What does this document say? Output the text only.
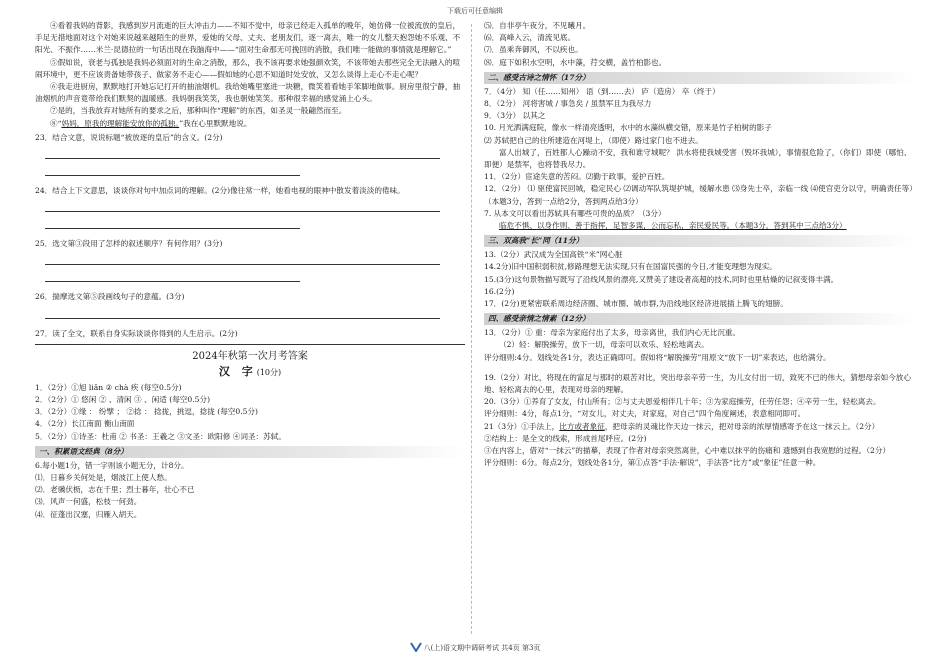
下载后可任意编辑

④看着我妈的背影，我感到岁月流逝的巨大冲击力——不知不觉中，母亲已经走入孤单的晚年，她仿佛一位被流放的皇后，手足无措地面对这个对她来说越来越陌生的世界，爱她的父母、丈夫、老朋友们，逐一离去，唯一的女儿整天抱怨她不乐观、不阳光、不振作……米兰·昆德拉的一句话出现在我脑海中——“面对生命那无可挽回的消散，我们唯一能做的事情就是理解它。”

⑤假如说，衰老与孤独是我妈必须面对的生命之消散，那么，我不该再要求她强颜欢笑，不该带她去那些完全无法融入的喧闹环境中，更不应该责备她带孩子、做家务不走心——假如她的心思不知道时处安放，又怎么谈得上走心不走心呢？

⑥我走进厨房，默默地打开她忘记打开的抽油烟机。我给她嘴里塞进一块糖，微笑着看她手笨脚地做事。厨房里很宁静，抽油烟机的声音竟带给我们默契的温暖感。我妈朝我笑笑，我也朝她笑笑。那种很幸福的感觉涌上心头。

⑦是的，当我放弃对她所有的要求之后，那种叫作“理解”的东西，如圣灵一般翩然而至。

⑧“妈妈，原我的理解能安放你的孤独。”我在心里默默地说。

23．结合文意，说说标题“被放逐的皇后”的含义。(2分)

24．结合上下文意思，谈谈你对句中加点词的理解。(2分)像往常一样，她看电视的眼神中散发着淡淡的倦味。

25．选文第③段用了怎样的叙述顺序？有何作用？(3分)

26．揣摩选文第⑤段画线句子的意蕴。(3分)

27．读了全文，联系自身实际谈谈你得到的人生启示。(2分)

2024年秋第一次月考答案
汉 字(10分)

1．（2分）①旭 liǎn ② chà 疾 (每空0.5分)

2．（2分）① 悠闲 ② 、清闲 ③ 、闲适 (每空0.5分)

3．（2分）①缘 ： 纷擘 ； ②捻 ： 捻拢，挑逗，捻拢 (每空0.5分)

4．（2分）长江南面 衡山南面

5．（2分）①诗圣：杜甫 ② 书圣：王羲之 ③文圣：欧阳修 ④词圣：苏轼。

一、积累语文经典（8分）

6.每小题1分，错一字则该小题无分，计8分。

⑴．日暮乡关何处是，烟波江上使人愁。

⑵．老骥伏枥，志在千里；烈士暮年，壮心不已

⑶．风声一何盛，松枝一何劲。

⑷．征蓬出汉塞，归雁入胡天。

⑸．自非亭午夜分，不见曦月。

⑹．高峰入云，清流见底。

⑺．虽乘奔御风，不以疾也。

⑻．庭下如积水空明，水中藻，荇交横，盖竹柏影也。

二、感受古诗之情怀（17分）

7．（4分） 知（任……知州） 语（到……去） 庐（造房） 卒（终于）

8．（2分） 河将害城 / 事急矣 / 虽禁军且为我尽力

9．（3分） 以其之

10. 月光洒满庭院，像水一样清亮透明，水中的水藻纵横交错，原来是竹子柏树的影子

⑵ 苏轼把自己的住所建造在河堤上，（即使）路过家门也不进去。

富人出城了，百姓都人心躁动不安，我和谁守城呢？ 洪水将使我城受害（毁坏我城），事情很危险了，（你们）即使（哪怕、即便）是禁军，也将替我尽力。

11．（2分）宦途失意的苦闷。⑵勤于政事，爱护百姓。

12．（2分） ⑴ 驱使富民回城，稳定民心 ⑵调动军队筑堤护城，缓解水患 ⑶身先士卒，亲临一线 ⑷使官吏分以守，明确责任等）（本题3分，答到一点给2分，答到两点给3分）

7. 从本文可以看出苏轼具有哪些可贵的品质？（3分）

临危不惧、以身作则、善于指挥，足智多谋，公而忘私，亲民爱民等。（本题3分，答到其中三点给3分）

三、双高我“长”同（11分）

13.（2分）武汉成为全国高铁“米”网心脏

14.2分)旧中国积弱积贫,修路理想无法实现,只有在国富民强的今日,才能变理想为现实。

15.(3分)这句景物描写既写了沿线风景的漂亮,又赞美了建设者高超的技术,同时也里枯燥的记叙变得丰满。

16.(2分)

17．(2分)更紧密联系周边经济圈、城市圈、城市群,为沿线地区经济进展插上腾飞的翅膀。

四、感受亲情之情素（12分）

13．（2分）① 重：母亲为家庭付出了太多，母亲离世，我们内心无比沉重。

（2）轻：解脱操劳，放下一切，母亲可以欢乐、轻松地离去。

评分细则:4分。划线处各1分，表达正确即可。假如将“解脱操劳”用原文“放下一切”来表达，也给满分。

19.（2分）对比，将现在的富足与那时的艰苦对比，突出母亲辛劳一生，为儿女付出一切，致死不已的伟大，猜想母亲如今放心地、轻松离去的心里，表现对母亲的理解。

20.（3分）①养育了女友，付山所有；②与丈夫恩爱相伴几十年；③为家庭操劳，任劳任怨；④辛劳一生，轻松离去。

评分细则：4分，每点1分，“对女儿，对丈夫，对家庭，对自己”四个角度阐述，表意相同即可。

21（3分）①手法上，比方或者象征，把母亲的灵魂比作天边一抹云，把对母亲的浓厚情感寄予在这一抹云上。（2分）

②结构上：是全文的线索，形成首尾呼应。(2分)

③在内容上，借对“一抹云”的描摹，表现了作者对母亲突然离世，心中难以抹平的伤痛和 遗憾到自我宽慰的过程。（2分）

评分细则：6分。每点2分，划线处各1分，第①点答“手法·解说”，手法答“比方”或“象征”任意一种。

八(上)语文期中调研考试 共4页 第3页
